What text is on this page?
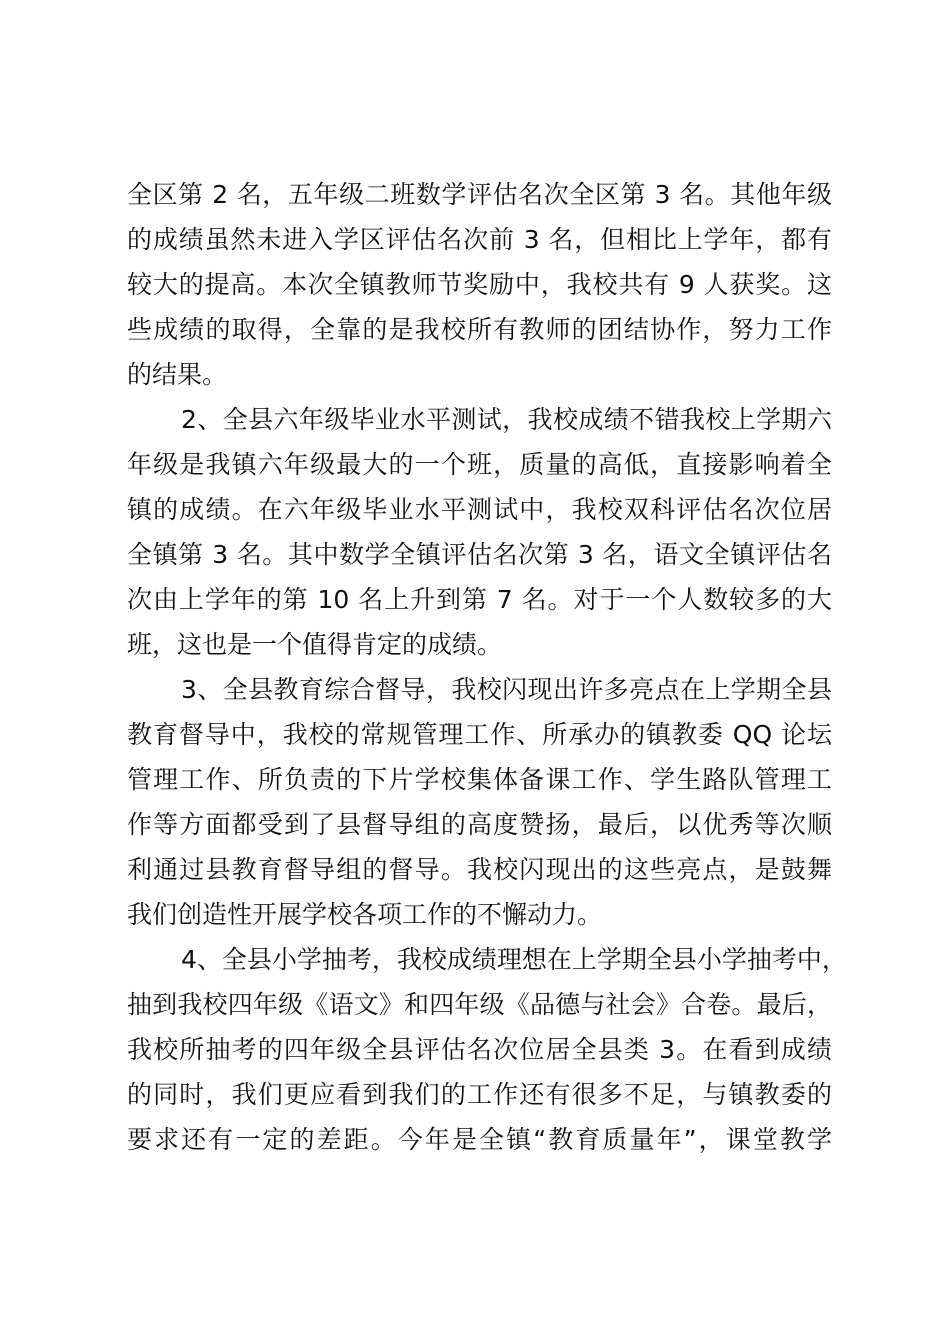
全区第 2 名，五年级二班数学评估名次全区第 3 名。其他年级
的成绩虽然未进入学区评估名次前 3 名，但相比上学年，都有
较大的提高。本次全镇教师节奖励中，我校共有 9 人获奖。这
些成绩的取得，全靠的是我校所有教师的团结协作，努力工作
的结果。
2、全县六年级毕业水平测试，我校成绩不错我校上学期六
年级是我镇六年级最大的一个班，质量的高低，直接影响着全
镇的成绩。在六年级毕业水平测试中，我校双科评估名次位居
全镇第 3 名。其中数学全镇评估名次第 3 名，语文全镇评估名
次由上学年的第 10 名上升到第 7 名。对于一个人数较多的大
班，这也是一个值得肯定的成绩。
3、全县教育综合督导，我校闪现出许多亮点在上学期全县
教育督导中，我校的常规管理工作、所承办的镇教委 QQ 论坛
管理工作、所负责的下片学校集体备课工作、学生路队管理工
作等方面都受到了县督导组的高度赞扬，最后，以优秀等次顺
利通过县教育督导组的督导。我校闪现出的这些亮点，是鼓舞
我们创造性开展学校各项工作的不懈动力。
4、全县小学抽考，我校成绩理想在上学期全县小学抽考中，
抽到我校四年级《语文》和四年级《品德与社会》合卷。最后，
我校所抽考的四年级全县评估名次位居全县类 3。在看到成绩
的同时，我们更应看到我们的工作还有很多不足，与镇教委的
要求还有一定的差距。今年是全镇“教育质量年”，课堂教学
